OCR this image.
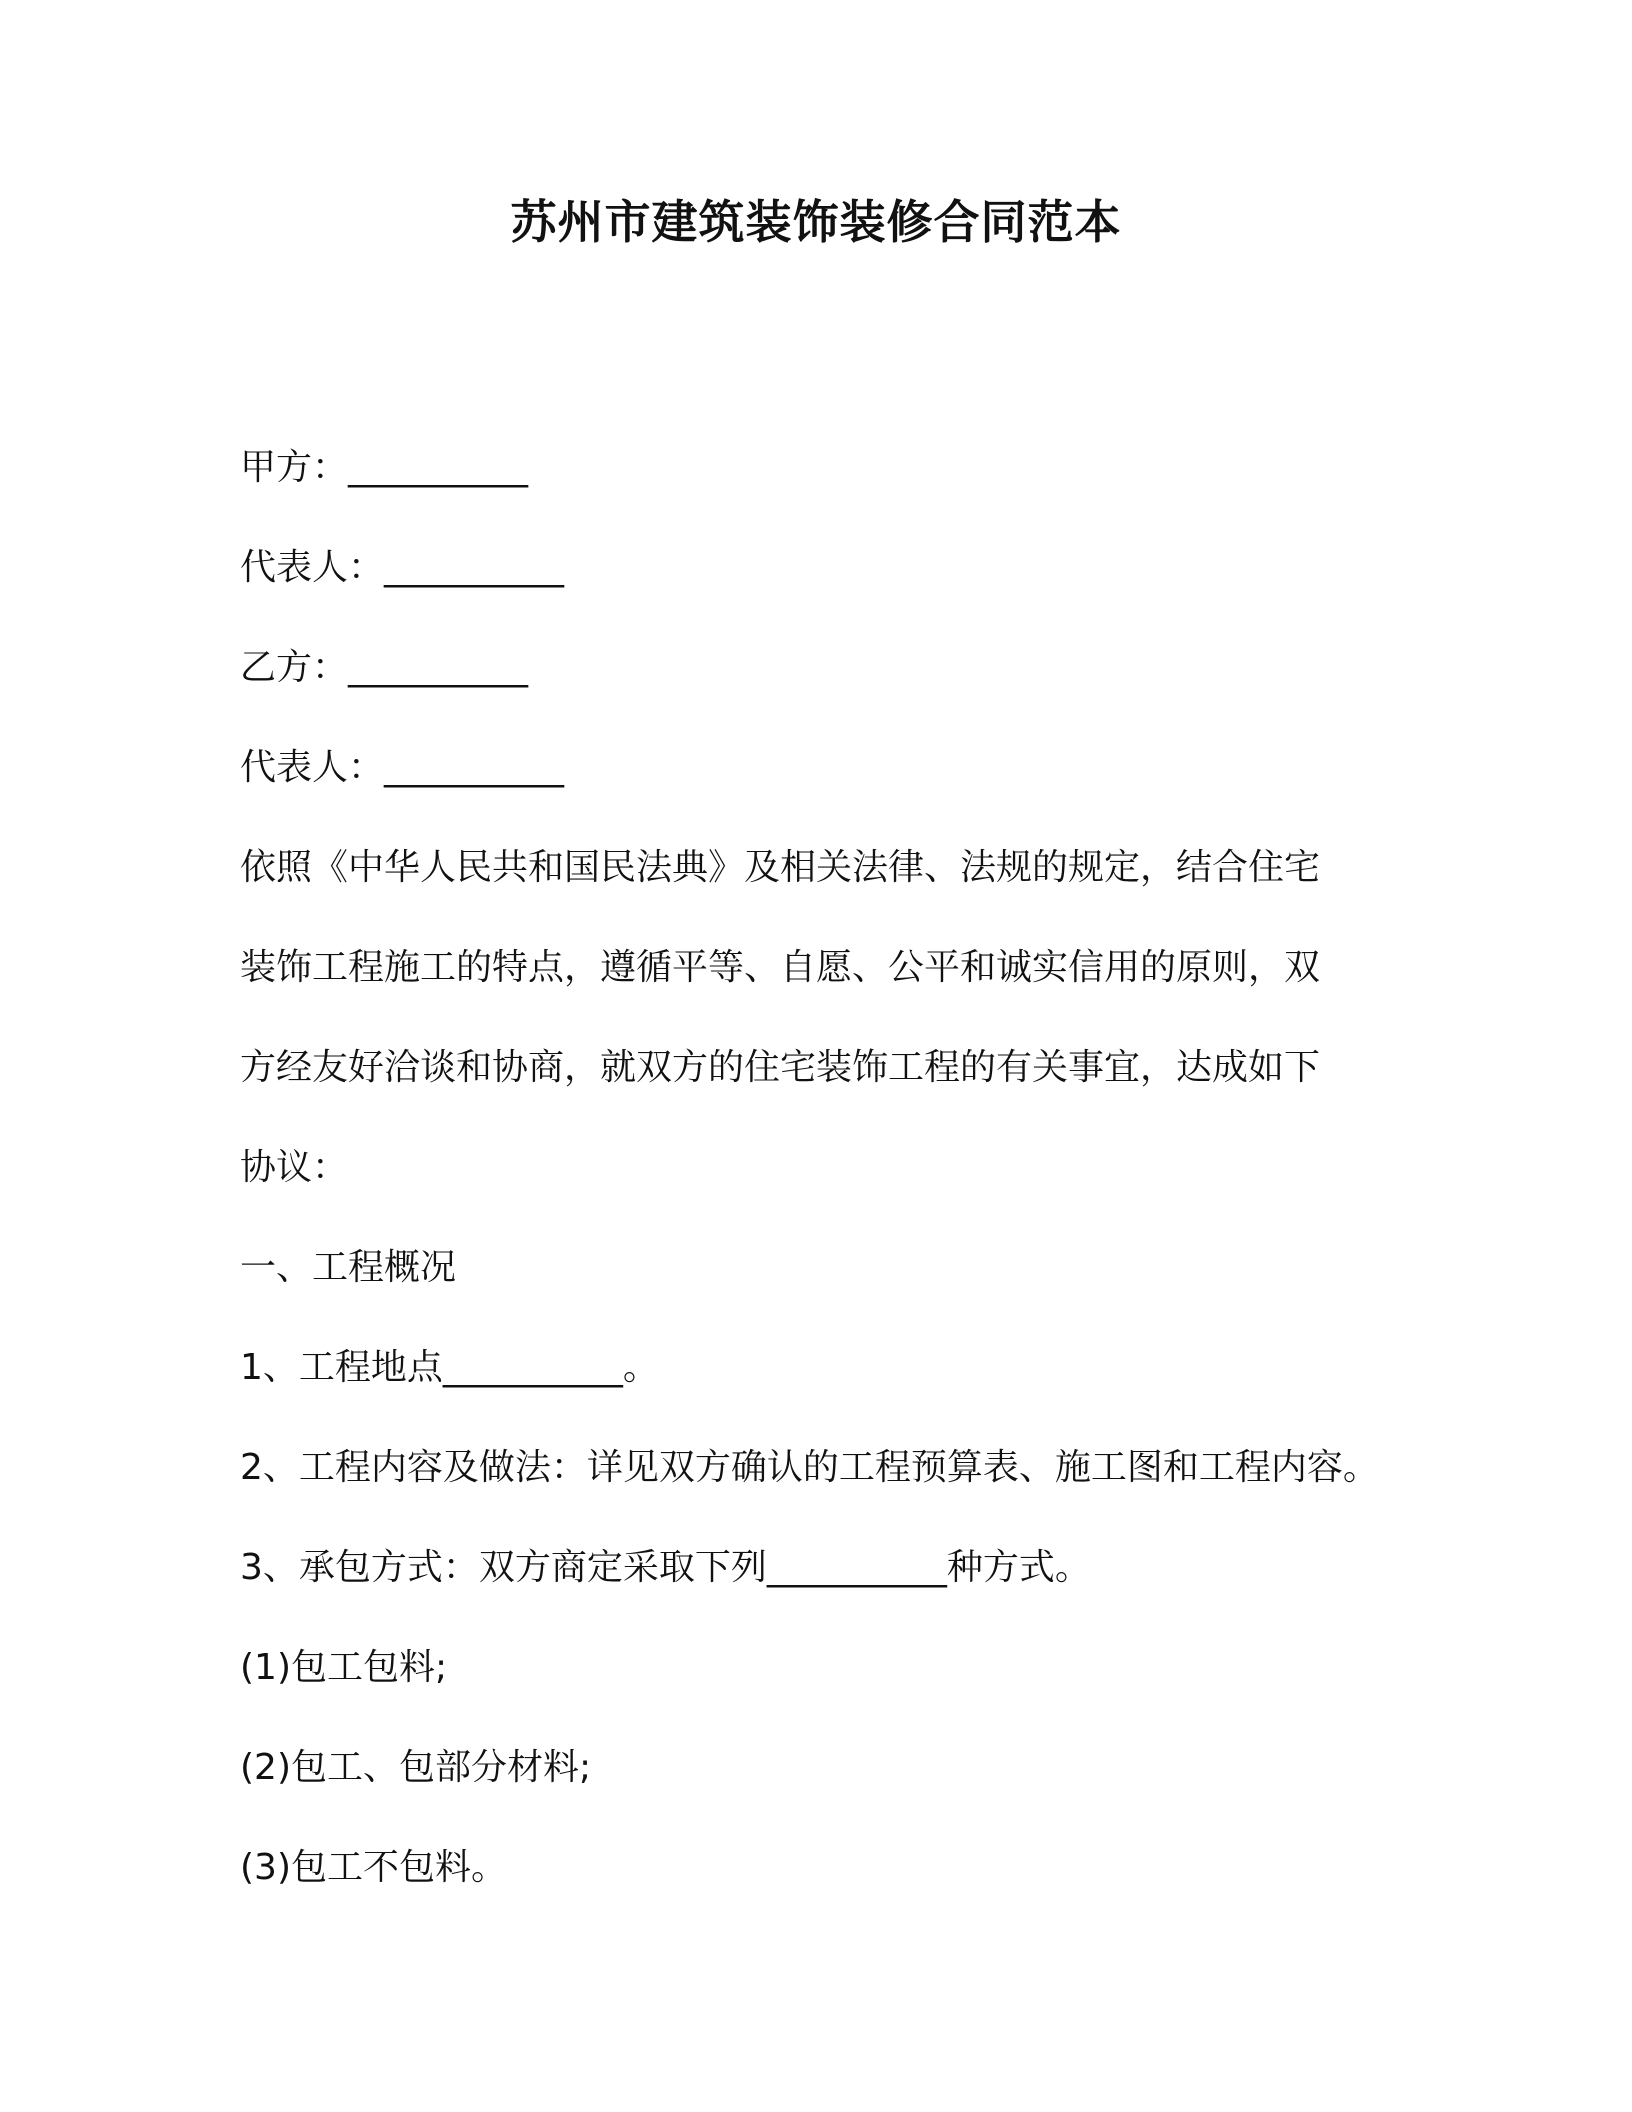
苏州市建筑装饰装修合同范本
甲方：__________
代表人：__________
乙方：__________
代表人：__________
依照《中华人民共和国民法典》及相关法律、法规的规定，结合住宅
装饰工程施工的特点，遵循平等、自愿、公平和诚实信用的原则，双
方经友好洽谈和协商，就双方的住宅装饰工程的有关事宜，达成如下
协议：
一、工程概况
1、工程地点__________。
2、工程内容及做法：详见双方确认的工程预算表、施工图和工程内容。
3、承包方式：双方商定采取下列__________种方式。
(1)包工包料;
(2)包工、包部分材料;
(3)包工不包料。
